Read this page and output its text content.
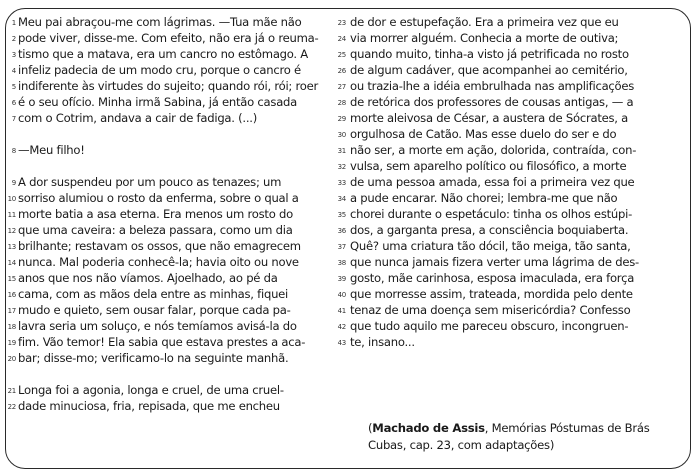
1 Meu pai abraçou-me com lágrimas. —Tua mãe não
2 pode viver, disse-me. Com efeito, não era já o reuma-
3 tismo que a matava, era um cancro no estômago. A
4 infeliz padecia de um modo cru, porque o cancro é
5 indiferente às virtudes do sujeito; quando rói, rói; roer
6 é o seu ofício. Minha irmã Sabina, já então casada
7 com o Cotrim, andava a cair de fadiga. (...)
8 —Meu filho!
9 A dor suspendeu por um pouco as tenazes; um
10 sorriso alumiou o rosto da enferma, sobre o qual a
11 morte batia a asa eterna. Era menos um rosto do
12 que uma caveira: a beleza passara, como um dia
13 brilhante; restavam os ossos, que não emagrecem
14 nunca. Mal poderia conhecê-la; havia oito ou nove
15 anos que nos não víamos. Ajoelhado, ao pé da
16 cama, com as mãos dela entre as minhas, fiquei
17 mudo e quieto, sem ousar falar, porque cada pa-
18 lavra seria um soluço, e nós temíamos avisá-la do
19 fim. Vão temor! Ela sabia que estava prestes a aca-
20 bar; disse-mo; verificamo-lo na seguinte manhã.
21 Longa foi a agonia, longa e cruel, de uma cruel-
22 dade minuciosa, fria, repisada, que me encheu
23 de dor e estupefação. Era a primeira vez que eu
24 via morrer alguém. Conhecia a morte de outiva;
25 quando muito, tinha-a visto já petrificada no rosto
26 de algum cadáver, que acompanhei ao cemitério,
27 ou trazia-lhe a idéia embrulhada nas amplificações
28 de retórica dos professores de cousas antigas, — a
29 morte aleivosa de César, a austera de Sócrates, a
30 orgulhosa de Catão. Mas esse duelo do ser e do
31 não ser, a morte em ação, dolorida, contraída, con-
32 vulsa, sem aparelho político ou filosófico, a morte
33 de uma pessoa amada, essa foi a primeira vez que
34 a pude encarar. Não chorei; lembra-me que não
35 chorei durante o espetáculo: tinha os olhos estúpi-
36 dos, a garganta presa, a consciência boquiaberta.
37 Quê? uma criatura tão dócil, tão meiga, tão santa,
38 que nunca jamais fizera verter uma lágrima de des-
39 gosto, mãe carinhosa, esposa imaculada, era força
40 que morresse assim, trateada, mordida pelo dente
41 tenaz de uma doença sem misericórdia? Confesso
42 que tudo aquilo me pareceu obscuro, incongruen-
43 te, insano...
(Machado de Assis, Memórias Póstumas de Brás
Cubas, cap. 23, com adaptações)
